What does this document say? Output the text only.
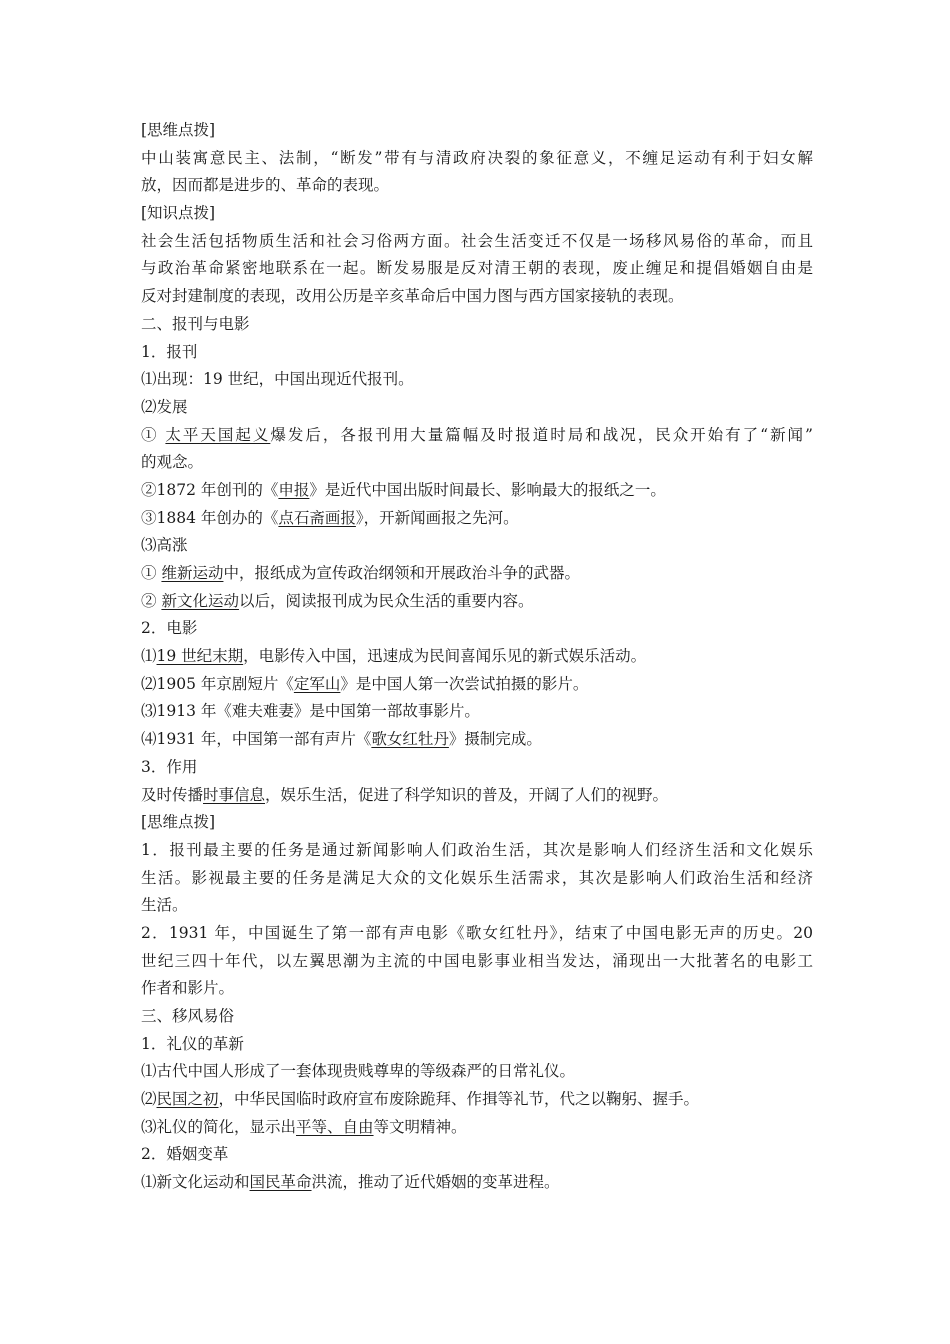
[思维点拨]

中山装寓意民主、法制，“断发”带有与清政府决裂的象征意义，不缠足运动有利于妇女解

放，因而都是进步的、革命的表现。

[知识点拨]

社会生活包括物质生活和社会习俗两方面。社会生活变迁不仅是一场移风易俗的革命，而且

与政治革命紧密地联系在一起。断发易服是反对清王朝的表现，废止缠足和提倡婚姻自由是

反对封建制度的表现，改用公历是辛亥革命后中国力图与西方国家接轨的表现。

二、报刊与电影

1．报刊

⑴出现：19 世纪，中国出现近代报刊。

⑵发展

① 太平天国起义爆发后，各报刊用大量篇幅及时报道时局和战况，民众开始有了“新闻”

的观念。

②1872 年创刊的《申报》是近代中国出版时间最长、影响最大的报纸之一。

③1884 年创办的《点石斋画报》，开新闻画报之先河。

⑶高涨

① 维新运动中，报纸成为宣传政治纲领和开展政治斗争的武器。

② 新文化运动以后，阅读报刊成为民众生活的重要内容。

2．电影

⑴19 世纪末期，电影传入中国，迅速成为民间喜闻乐见的新式娱乐活动。

⑵1905 年京剧短片《定军山》是中国人第一次尝试拍摄的影片。

⑶1913 年《难夫难妻》是中国第一部故事影片。

⑷1931 年，中国第一部有声片《歌女红牡丹》摄制完成。

3．作用

及时传播时事信息，娱乐生活，促进了科学知识的普及，开阔了人们的视野。

[思维点拨]

1．报刊最主要的任务是通过新闻影响人们政治生活，其次是影响人们经济生活和文化娱乐

生活。影视最主要的任务是满足大众的文化娱乐生活需求，其次是影响人们政治生活和经济

生活。

2．1931 年，中国诞生了第一部有声电影《歌女红牡丹》，结束了中国电影无声的历史。20

世纪三四十年代，以左翼思潮为主流的中国电影事业相当发达，涌现出一大批著名的电影工

作者和影片。

三、移风易俗

1．礼仪的革新

⑴古代中国人形成了一套体现贵贱尊卑的等级森严的日常礼仪。

⑵民国之初，中华民国临时政府宣布废除跪拜、作揖等礼节，代之以鞠躬、握手。

⑶礼仪的简化，显示出平等、自由等文明精神。

2．婚姻变革

⑴新文化运动和国民革命洪流，推动了近代婚姻的变革进程。
